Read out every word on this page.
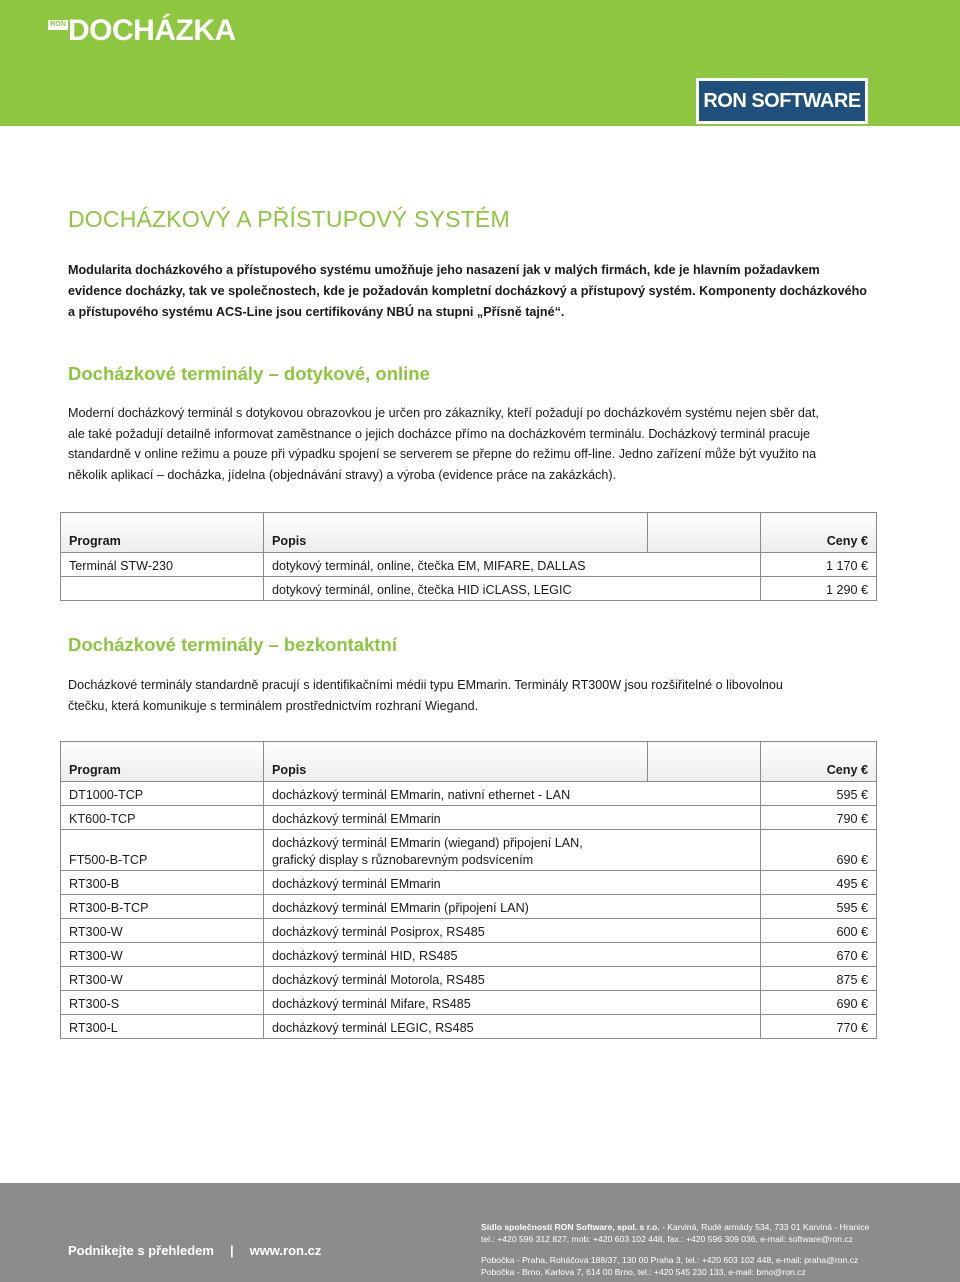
RON DOCHÁZKA
RON SOFTWARE
DOCHÁZKOVÝ A PŘÍSTUPOVÝ SYSTÉM
Modularita docházkového a přístupového systému umožňuje jeho nasazení jak v malých firmách, kde je hlavním požadavkem
evidence docházky, tak ve společnostech, kde je požadován kompletní docházkový a přístupový systém. Komponenty docházkového
a přístupového systému ACS-Line jsou certifikovány NBÚ na stupni „Přísně tajné“.
Docházkové terminály – dotykové, online
Moderní docházkový terminál s dotykovou obrazovkou je určen pro zákazníky, kteří požadují po docházkovém systému nejen sběr dat,
ale také požadují detailně informovat zaměstnance o jejich docházce přímo na docházkovém terminálu. Docházkový terminál pracuje
standardně v online režimu a pouze při výpadku spojení se serverem se přepne do režimu off-line. Jedno zařízení může být využito na
několik aplikací – docházka, jídelna (objednávání stravy) a výroba (evidence práce na zakázkách).
Program	Popis		Ceny €
Terminál STW-230	dotykový terminál, online, čtečka EM, MIFARE, DALLAS		1 170 €
	dotykový terminál, online, čtečka HID iCLASS, LEGIC		1 290 €
Docházkové terminály – bezkontaktní
Docházkové terminály standardně pracují s identifikačními médii typu EMmarin. Terminály RT300W jsou rozšiřitelné o libovolnou
čtečku, která komunikuje s terminálem prostřednictvím rozhraní Wiegand.
Program	Popis		Ceny €
DT1000-TCP	docházkový terminál EMmarin, nativní ethernet - LAN		595 €
KT600-TCP	docházkový terminál EMmarin		790 €
FT500-B-TCP	docházkový terminál EMmarin (wiegand) připojení LAN,
grafický display s různobarevným podsvícením		690 €
RT300-B	docházkový terminál EMmarin		495 €
RT300-B-TCP	docházkový terminál EMmarin (připojení LAN)		595 €
RT300-W	docházkový terminál Posiprox, RS485		600 €
RT300-W	docházkový terminál HID, RS485		670 €
RT300-W	docházkový terminál Motorola, RS485		875 €
RT300-S	docházkový terminál Mifare, RS485		690 €
RT300-L	docházkový terminál LEGIC, RS485		770 €
Podnikejte s přehledem | www.ron.cz
Sídlo společnosti RON Software, spol. s r.o. - Karviná, Rudé armády 534, 733 01 Karviná - Hranice
tel.: +420 596 312 827, mob: +420 603 102 448, fax.: +420 596 309 036, e-mail: software@ron.cz
Pobočka - Praha, Roháčova 188/37, 130 00 Praha 3, tel.: +420 603 102 448, e-mail: praha@ron.cz
Pobočka - Brno, Karlova 7, 614 00 Brno, tel.: +420 545 230 133, e-mail: brno@ron.cz
